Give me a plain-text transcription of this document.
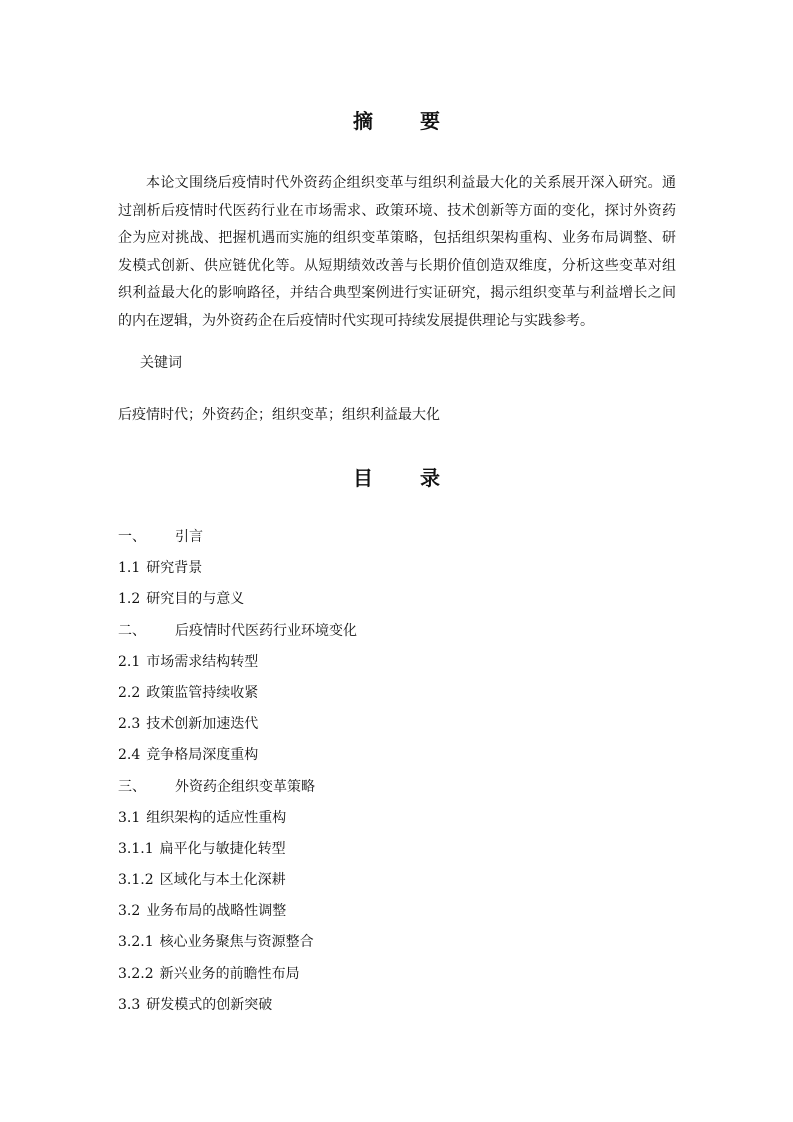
摘 要

本论文围绕后疫情时代外资药企组织变革与组织利益最大化的关系展开深入研究。通过剖析后疫情时代医药行业在市场需求、政策环境、技术创新等方面的变化，探讨外资药企为应对挑战、把握机遇而实施的组织变革策略，包括组织架构重构、业务布局调整、研发模式创新、供应链优化等。从短期绩效改善与长期价值创造双维度，分析这些变革对组织利益最大化的影响路径，并结合典型案例进行实证研究，揭示组织变革与利益增长之间的内在逻辑，为外资药企在后疫情时代实现可持续发展提供理论与实践参考。

关键词
后疫情时代；外资药企；组织变革；组织利益最大化
目 录
一、 引言
1.1 研究背景
1.2 研究目的与意义
二、 后疫情时代医药行业环境变化
2.1 市场需求结构转型
2.2 政策监管持续收紧
2.3 技术创新加速迭代
2.4 竞争格局深度重构
三、 外资药企组织变革策略
3.1 组织架构的适应性重构
3.1.1 扁平化与敏捷化转型
3.1.2 区域化与本土化深耕
3.2 业务布局的战略性调整
3.2.1 核心业务聚焦与资源整合
3.2.2 新兴业务的前瞻性布局
3.3 研发模式的创新突破
